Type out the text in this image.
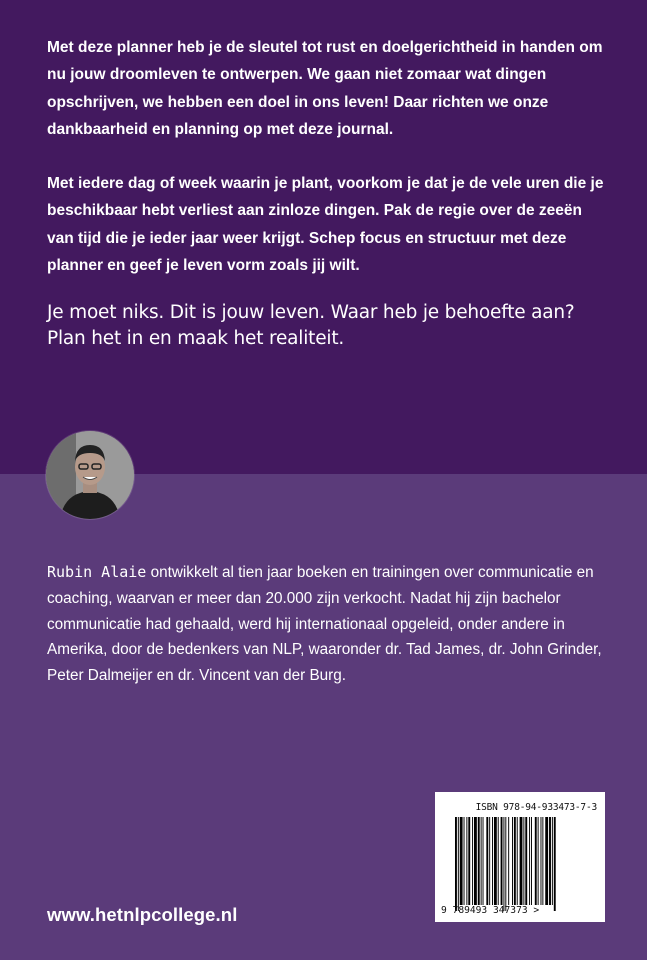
Met deze planner heb je de sleutel tot rust en doelgerichtheid in handen om nu jouw droomleven te ontwerpen. We gaan niet zomaar wat dingen opschrijven, we hebben een doel in ons leven! Daar richten we onze dankbaarheid en planning op met deze journal.

Met iedere dag of week waarin je plant, voorkom je dat je de vele uren die je beschikbaar hebt verliest aan zinloze dingen. Pak de regie over de zeeën van tijd die je ieder jaar weer krijgt. Schep focus en structuur met deze planner en geef je leven vorm zoals jij wilt.

Je moet niks. Dit is jouw leven. Waar heb je behoefte aan? Plan het in en maak het realiteit.

Rubin Alaie ontwikkelt al tien jaar boeken en trainingen over communicatie en coaching, waarvan er meer dan 20.000 zijn verkocht. Nadat hij zijn bachelor communicatie had gehaald, werd hij internationaal opgeleid, onder andere in Amerika, door de bedenkers van NLP, waaronder dr. Tad James, dr. John Grinder, Peter Dalmeijer en dr. Vincent van der Burg.

ISBN 978-94-933473-7-3
9 789493 347373 >

www.hetnlpcollege.nl
